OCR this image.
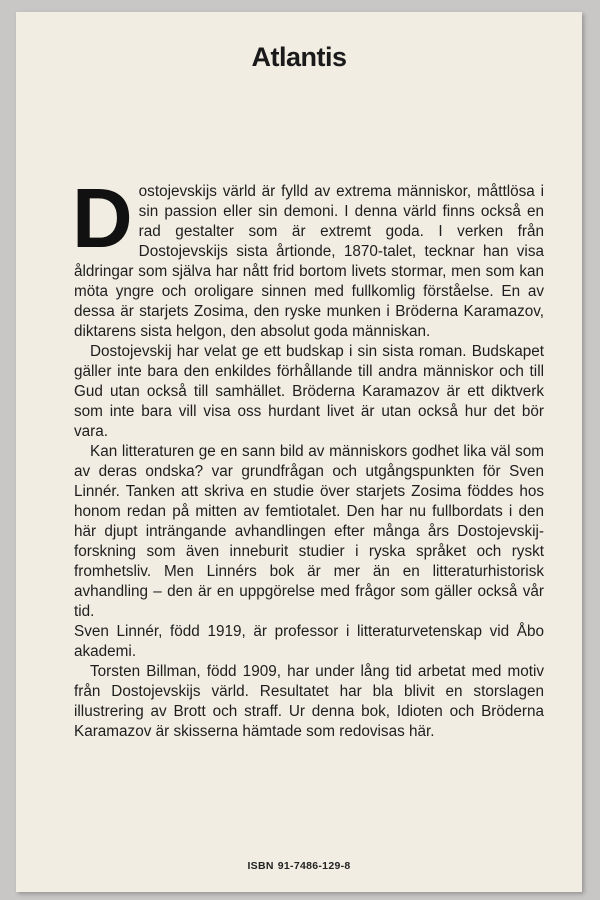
Atlantis

Dostojevskijs värld är fylld av extrema människor, måttlösa i sin passion eller sin demoni. I denna värld finns också en rad gestalter som är extremt goda. I verken från Dostojevskijs sista årtionde, 1870-talet, tecknar han visa åldringar som själva har nått frid bortom livets stormar, men som kan möta yngre och oroligare sinnen med fullkomlig förståelse. En av dessa är starjets Zosima, den ryske munken i Bröderna Karamazov, diktarens sista helgon, den absolut goda människan.

Dostojevskij har velat ge ett budskap i sin sista roman. Budskapet gäller inte bara den enkildes förhållande till andra människor och till Gud utan också till samhället. Bröderna Karamazov är ett diktverk som inte bara vill visa oss hurdant livet är utan också hur det bör vara.

Kan litteraturen ge en sann bild av människors godhet lika väl som av deras ondska? var grundfrågan och utgångspunkten för Sven Linnér. Tanken att skriva en studie över starjets Zosima föddes hos honom redan på mitten av femtiotalet. Den har nu fullbordats i den här djupt inträngande avhandlingen efter många års Dostojevskij-forskning som även inneburit studier i ryska språket och ryskt fromhetsliv. Men Linnérs bok är mer än en litteraturhistorisk avhandling – den är en uppgörelse med frågor som gäller också vår tid.

Sven Linnér, född 1919, är professor i litteraturvetenskap vid Åbo akademi.

Torsten Billman, född 1909, har under lång tid arbetat med motiv från Dostojevskijs värld. Resultatet har bla blivit en storslagen illustrering av Brott och straff. Ur denna bok, Idioten och Bröderna Karamazov är skisserna hämtade som redovisas här.

ISBN 91-7486-129-8
